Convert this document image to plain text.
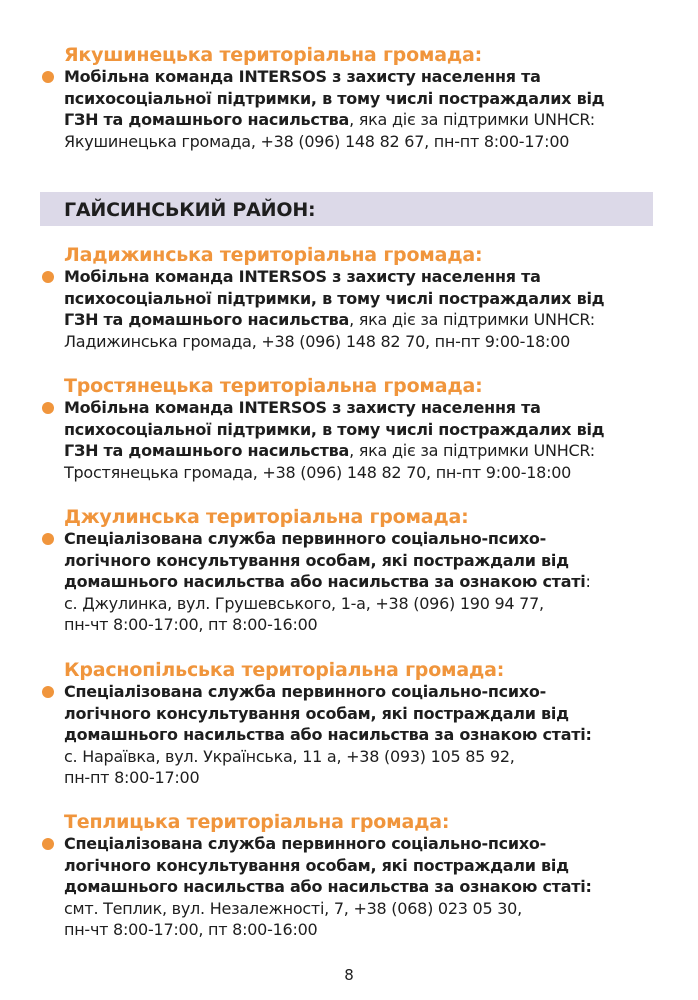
Якушинецька територіальна громада:
Мобільна команда INTERSOS з захисту населення та
психосоціальної підтримки, в тому числі постраждалих від
ГЗН та домашнього насильства, яка діє за підтримки UNHCR:
Якушинецька громада, +38 (096) 148 82 67, пн-пт 8:00-17:00
ГАЙСИНСЬКИЙ РАЙОН:
Ладижинська територіальна громада:
Мобільна команда INTERSOS з захисту населення та
психосоціальної підтримки, в тому числі постраждалих від
ГЗН та домашнього насильства, яка діє за підтримки UNHCR:
Ладижинська громада, +38 (096) 148 82 70, пн-пт 9:00-18:00
Тростянецька територіальна громада:
Мобільна команда INTERSOS з захисту населення та
психосоціальної підтримки, в тому числі постраждалих від
ГЗН та домашнього насильства, яка діє за підтримки UNHCR:
Тростянецька громада, +38 (096) 148 82 70, пн-пт 9:00-18:00
Джулинська територіальна громада:
Спеціалізована служба первинного соціально-психо-
логічного консультування особам, які постраждали від
домашнього насильства або насильства за ознакою статі:
с. Джулинка, вул. Грушевського, 1-а, +38 (096) 190 94 77,
пн-чт 8:00-17:00, пт 8:00-16:00
Краснопільська територіальна громада:
Спеціалізована служба первинного соціально-психо-
логічного консультування особам, які постраждали від
домашнього насильства або насильства за ознакою статі:
с. Нараївка, вул. Українська, 11 а, +38 (093) 105 85 92,
пн-пт 8:00-17:00
Теплицька територіальна громада:
Спеціалізована служба первинного соціально-психо-
логічного консультування особам, які постраждали від
домашнього насильства або насильства за ознакою статі:
смт. Теплик, вул. Незалежності, 7, +38 (068) 023 05 30,
пн-чт 8:00-17:00, пт 8:00-16:00
8
